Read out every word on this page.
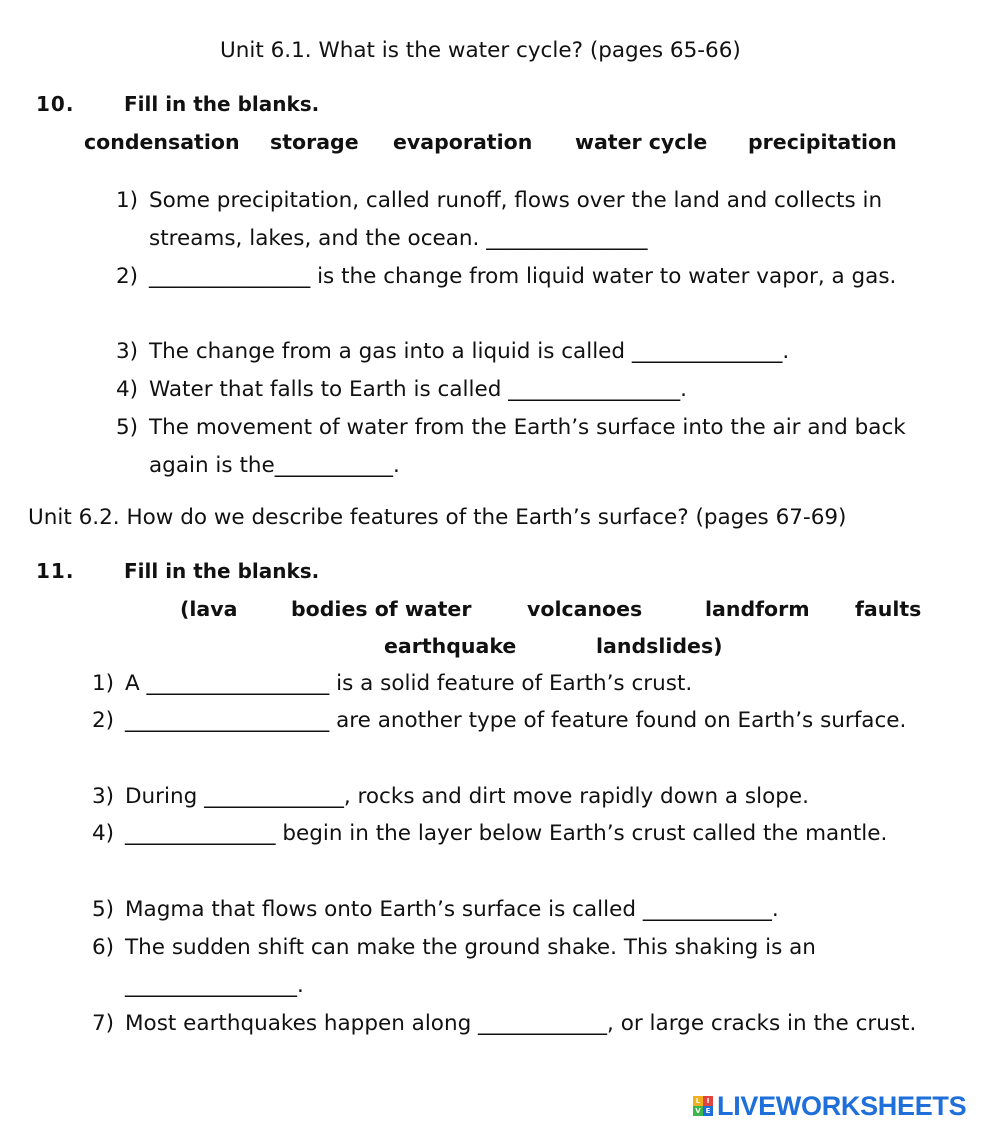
Unit 6.1. What is the water cycle? (pages 65-66)
10. Fill in the blanks.
condensation storage evaporation water cycle precipitation
1) Some precipitation, called runoff, flows over the land and collects in streams, lakes, and the ocean. _______________
2) _______________ is the change from liquid water to water vapor, a gas.
3) The change from a gas into a liquid is called ______________.
4) Water that falls to Earth is called ________________.
5) The movement of water from the Earth’s surface into the air and back again is the___________.
Unit 6.2. How do we describe features of the Earth’s surface? (pages 67-69)
11. Fill in the blanks.
(lava	bodies of water	volcanoes	landform faults
earthquake	landslides)
1) A _________________ is a solid feature of Earth’s crust.
2) ___________________ are another type of feature found on Earth’s surface.
3) During _____________, rocks and dirt move rapidly down a slope.
4) ______________ begin in the layer below Earth’s crust called the mantle.
5) Magma that flows onto Earth’s surface is called ____________.
6) The sudden shift can make the ground shake. This shaking is an
________________.
7) Most earthquakes happen along ____________, or large cracks in the crust.
L I
V E LIVEWORKSHEETS
